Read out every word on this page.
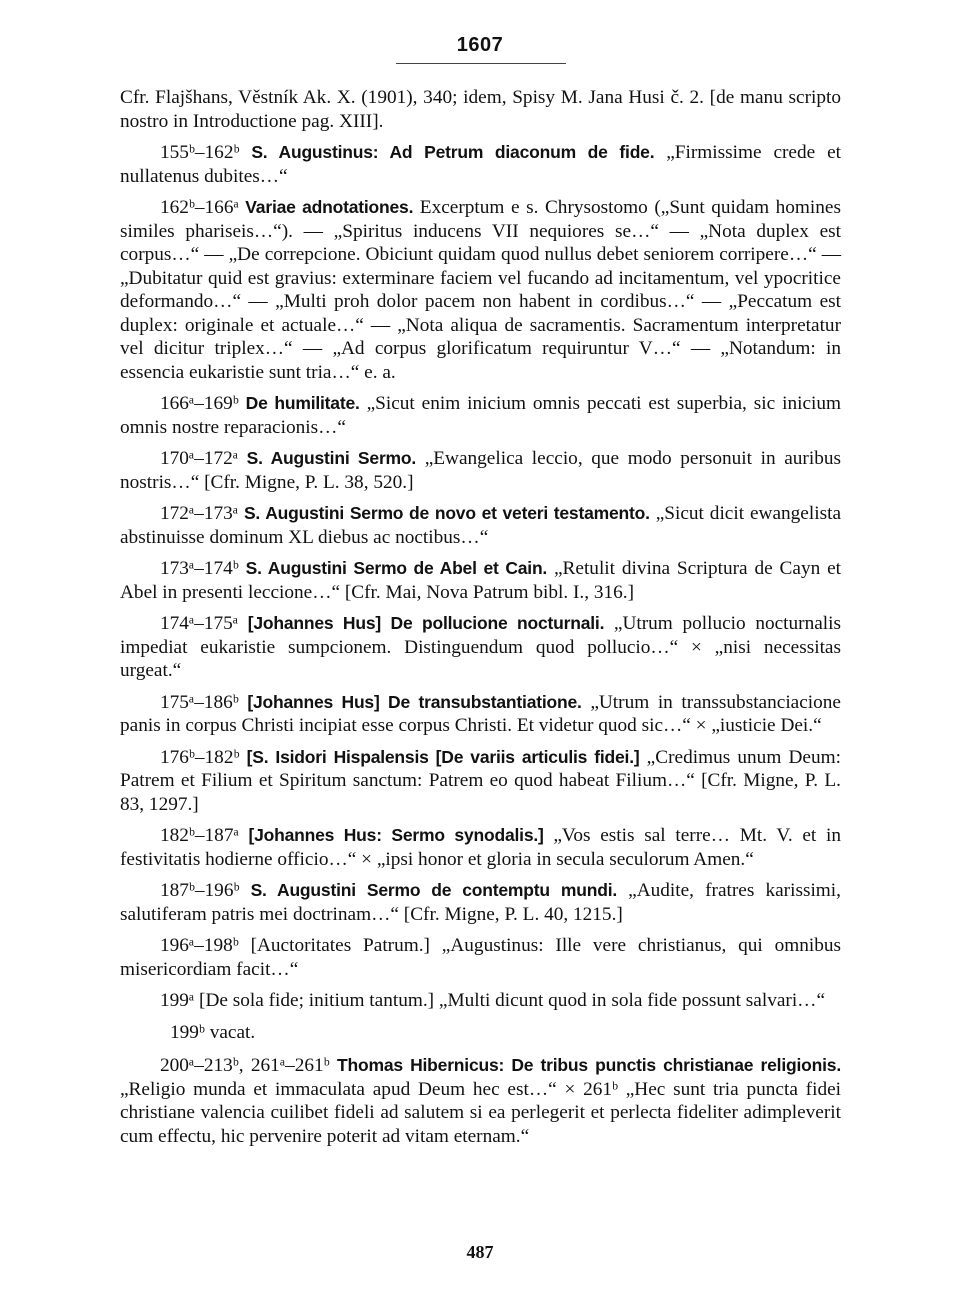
1607

Cfr. Flajšhans, Věstník Ak. X. (1901), 340; idem, Spisy M. Jana Husi č. 2. [de manu scripto nostro in Introductione pag. XIII].

155ᵇ–162ᵇ S. Augustinus: Ad Petrum diaconum de fide. „Firmissime crede et nullatenus dubites…“

162ᵇ–166ᵃ Variae adnotationes. Excerptum e s. Chrysostomo („Sunt quidam homines similes phariseis…“). — „Spiritus inducens VII nequiores se…“ — „Nota duplex est corpus…“ — „De correpcione. Obiciunt quidam quod nullus debet seniorem corripere…“ — „Dubitatur quid est gravius: exterminare faciem vel fucando ad incitamentum, vel ypocritice deformando…“ — „Multi proh dolor pacem non habent in cordibus…“ — „Peccatum est duplex: originale et actuale…“ — „Nota aliqua de sacramentis. Sacramentum interpretatur vel dicitur triplex…“ — „Ad corpus glorificatum requiruntur V…“ — „Notandum: in essencia eukaristie sunt tria…“ e. a.

166ᵃ–169ᵇ De humilitate. „Sicut enim inicium omnis peccati est superbia, sic inicium omnis nostre reparacionis…“

170ᵃ–172ᵃ S. Augustini Sermo. „Ewangelica leccio, que modo personuit in auribus nostris…“ [Cfr. Migne, P. L. 38, 520.]

172ᵃ–173ᵃ S. Augustini Sermo de novo et veteri testamento. „Sicut dicit ewangelista abstinuisse dominum XL diebus ac noctibus…“

173ᵃ–174ᵇ S. Augustini Sermo de Abel et Cain. „Retulit divina Scriptura de Cayn et Abel in presenti leccione…“ [Cfr. Mai, Nova Patrum bibl. I., 316.]

174ᵃ–175ᵃ [Johannes Hus] De pollucione nocturnali. „Utrum pollucio nocturnalis impediat eukaristie sumpcionem. Distinguendum quod pollucio…“ × „nisi necessitas urgeat.“

175ᵃ–186ᵇ [Johannes Hus] De transubstantiatione. „Utrum in transsubstanciacione panis in corpus Christi incipiat esse corpus Christi. Et videtur quod sic…“ × „iusticie Dei.“

176ᵇ–182ᵇ [S. Isidori Hispalensis [De variis articulis fidei.] „Credimus unum Deum: Patrem et Filium et Spiritum sanctum: Patrem eo quod habeat Filium…“ [Cfr. Migne, P. L. 83, 1297.]

182ᵇ–187ᵃ [Johannes Hus: Sermo synodalis.] „Vos estis sal terre… Mt. V. et in festivitatis hodierne officio…“ × „ipsi honor et gloria in secula seculorum Amen.“

187ᵇ–196ᵇ S. Augustini Sermo de contemptu mundi. „Audite, fratres karissimi, salutiferam patris mei doctrinam…“ [Cfr. Migne, P. L. 40, 1215.]

196ᵃ–198ᵇ [Auctoritates Patrum.] „Augustinus: Ille vere christianus, qui omnibus misericordiam facit…“

199ᵃ [De sola fide; initium tantum.] „Multi dicunt quod in sola fide possunt salvari…“

199ᵇ vacat.

200ᵃ–213ᵇ, 261ᵃ–261ᵇ Thomas Hibernicus: De tribus punctis christianae religionis. „Religio munda et immaculata apud Deum hec est…“ × 261ᵇ „Hec sunt tria puncta fidei christiane valencia cuilibet fideli ad salutem si ea perlegerit et perlecta fideliter adimpleverit cum effectu, hic pervenire poterit ad vitam eternam.“

487
